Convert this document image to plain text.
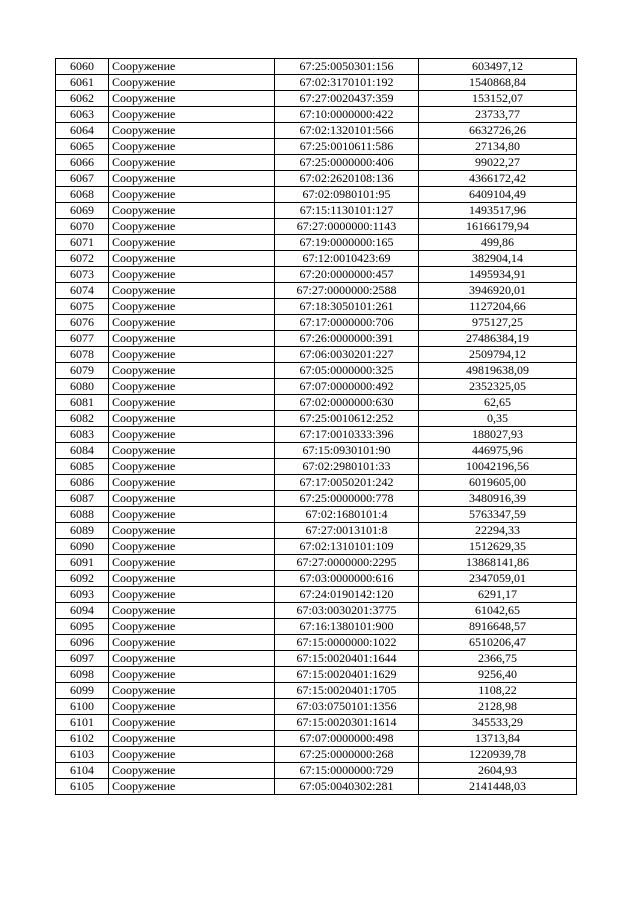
6060	Сооружение	67:25:0050301:156	603497,12
6061	Сооружение	67:02:3170101:192	1540868,84
6062	Сооружение	67:27:0020437:359	153152,07
6063	Сооружение	67:10:0000000:422	23733,77
6064	Сооружение	67:02:1320101:566	6632726,26
6065	Сооружение	67:25:0010611:586	27134,80
6066	Сооружение	67:25:0000000:406	99022,27
6067	Сооружение	67:02:2620108:136	4366172,42
6068	Сооружение	67:02:0980101:95	6409104,49
6069	Сооружение	67:15:1130101:127	1493517,96
6070	Сооружение	67:27:0000000:1143	16166179,94
6071	Сооружение	67:19:0000000:165	499,86
6072	Сооружение	67:12:0010423:69	382904,14
6073	Сооружение	67:20:0000000:457	1495934,91
6074	Сооружение	67:27:0000000:2588	3946920,01
6075	Сооружение	67:18:3050101:261	1127204,66
6076	Сооружение	67:17:0000000:706	975127,25
6077	Сооружение	67:26:0000000:391	27486384,19
6078	Сооружение	67:06:0030201:227	2509794,12
6079	Сооружение	67:05:0000000:325	49819638,09
6080	Сооружение	67:07:0000000:492	2352325,05
6081	Сооружение	67:02:0000000:630	62,65
6082	Сооружение	67:25:0010612:252	0,35
6083	Сооружение	67:17:0010333:396	188027,93
6084	Сооружение	67:15:0930101:90	446975,96
6085	Сооружение	67:02:2980101:33	10042196,56
6086	Сооружение	67:17:0050201:242	6019605,00
6087	Сооружение	67:25:0000000:778	3480916,39
6088	Сооружение	67:02:1680101:4	5763347,59
6089	Сооружение	67:27:0013101:8	22294,33
6090	Сооружение	67:02:1310101:109	1512629,35
6091	Сооружение	67:27:0000000:2295	13868141,86
6092	Сооружение	67:03:0000000:616	2347059,01
6093	Сооружение	67:24:0190142:120	6291,17
6094	Сооружение	67:03:0030201:3775	61042,65
6095	Сооружение	67:16:1380101:900	8916648,57
6096	Сооружение	67:15:0000000:1022	6510206,47
6097	Сооружение	67:15:0020401:1644	2366,75
6098	Сооружение	67:15:0020401:1629	9256,40
6099	Сооружение	67:15:0020401:1705	1108,22
6100	Сооружение	67:03:0750101:1356	2128,98
6101	Сооружение	67:15:0020301:1614	345533,29
6102	Сооружение	67:07:0000000:498	13713,84
6103	Сооружение	67:25:0000000:268	1220939,78
6104	Сооружение	67:15:0000000:729	2604,93
6105	Сооружение	67:05:0040302:281	2141448,03
